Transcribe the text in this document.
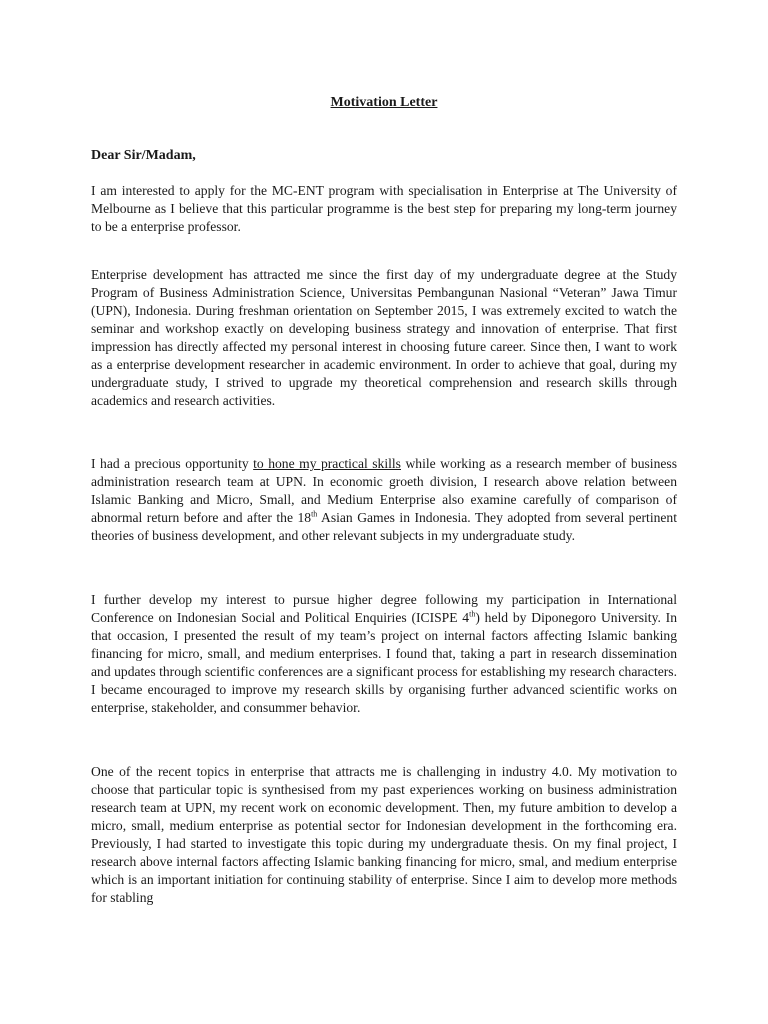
Motivation Letter
Dear Sir/Madam,

I am interested to apply for the MC-ENT program with specialisation in Enterprise at The University of Melbourne as I believe that this particular programme is the best step for preparing my long-term journey to be a enterprise professor.

Enterprise development has attracted me since the first day of my undergraduate degree at the Study Program of Business Administration Science, Universitas Pembangunan Nasional “Veteran” Jawa Timur (UPN), Indonesia. During freshman orientation on September 2015, I was extremely excited to watch the seminar and workshop exactly on developing business strategy and innovation of enterprise. That first impression has directly affected my personal interest in choosing future career. Since then, I want to work as a enterprise development researcher in academic environment. In order to achieve that goal, during my undergraduate study, I strived to upgrade my theoretical comprehension and research skills through academics and research activities.

I had a precious opportunity to hone my practical skills while working as a research member of business administration research team at UPN. In economic groeth division, I research above relation between Islamic Banking and Micro, Small, and Medium Enterprise also examine carefully of comparison of abnormal return before and after the 18th Asian Games in Indonesia. They adopted from several pertinent theories of business development, and other relevant subjects in my undergraduate study.

I further develop my interest to pursue higher degree following my participation in International Conference on Indonesian Social and Political Enquiries (ICISPE 4th) held by Diponegoro University. In that occasion, I presented the result of my team’s project on internal factors affecting Islamic banking financing for micro, small, and medium enterprises. I found that, taking a part in research dissemination and updates through scientific conferences are a significant process for establishing my research characters. I became encouraged to improve my research skills by organising further advanced scientific works on enterprise, stakeholder, and consummer behavior.

One of the recent topics in enterprise that attracts me is challenging in industry 4.0. My motivation to choose that particular topic is synthesised from my past experiences working on business administration research team at UPN, my recent work on economic development. Then, my future ambition to develop a micro, small, medium enterprise as potential sector for Indonesian development in the forthcoming era. Previously, I had started to investigate this topic during my undergraduate thesis. On my final project, I research above internal factors affecting Islamic banking financing for micro, smal, and medium enterprise which is an important initiation for continuing stability of enterprise. Since I aim to develop more methods for stabling
